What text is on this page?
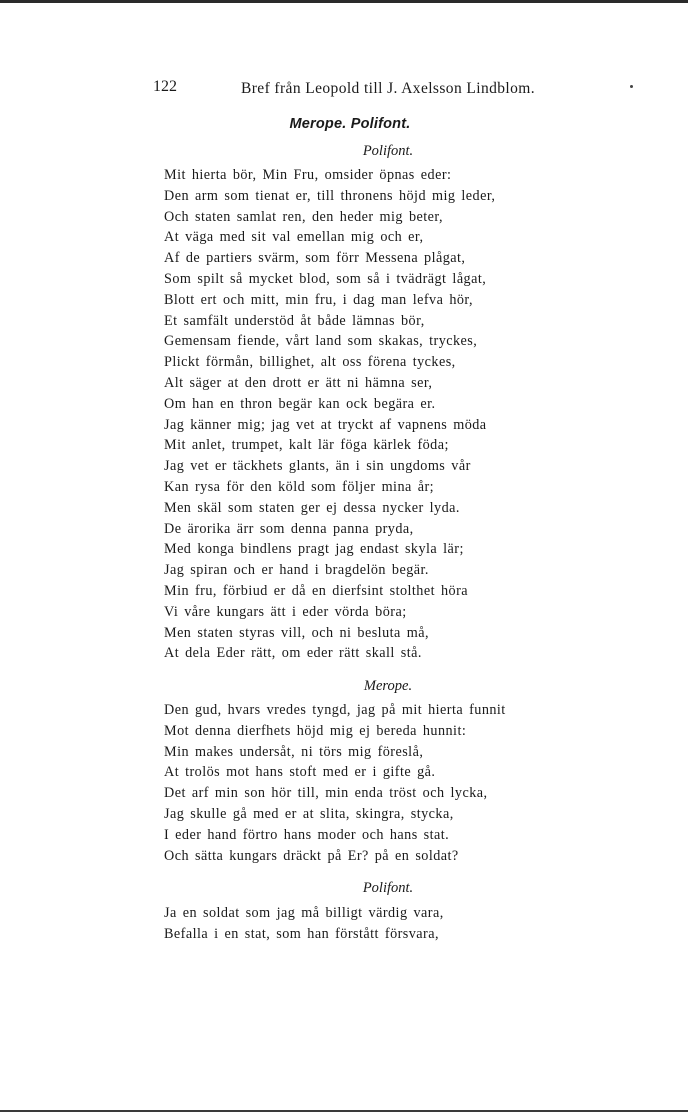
122	Bref från Leopold till J. Axelsson Lindblom.
Merope. Polifont.
Polifont.
Mit hierta bör, Min Fru, omsider öpnas eder:
Den arm som tienat er, till thronens höjd mig leder,
Och staten samlat ren, den heder mig beter,
At väga med sit val emellan mig och er,
Af de partiers svärm, som förr Messena plågat,
Som spilt så mycket blod, som så i tvädrägt lågat,
Blott ert och mitt, min fru, i dag man lefva hör,
Et samfält understöd åt både lämnas bör,
Gemensam fiende, vårt land som skakas, tryckes,
Plickt förmån, billighet, alt oss förena tyckes,
Alt säger at den drott er ätt ni hämna ser,
Om han en thron begär kan ock begära er.
Jag känner mig; jag vet at tryckt af vapnens möda
Mit anlet, trumpet, kalt lär föga kärlek föda;
Jag vet er täckhets glants, än i sin ungdoms vår
Kan rysa för den köld som följer mina år;
Men skäl som staten ger ej dessa nycker lyda.
De ärorika ärr som denna panna pryda,
Med konga bindlens pragt jag endast skyla lär;
Jag spiran och er hand i bragdelön begär.
Min fru, förbiud er då en dierfsint stolthet höra
Vi våre kungars ätt i eder vörda böra;
Men staten styras vill, och ni besluta må,
At dela Eder rätt, om eder rätt skall stå.
Merope.
Den gud, hvars vredes tyngd, jag på mit hierta funnit
Mot denna dierfhets höjd mig ej bereda hunnit:
Min makes undersåt, ni törs mig föreslå,
At trolös mot hans stoft med er i gifte gå.
Det arf min son hör till, min enda tröst och lycka,
Jag skulle gå med er at slita, skingra, stycka,
I eder hand förtro hans moder och hans stat.
Och sätta kungars dräckt på Er? på en soldat?
Polifont.
Ja en soldat som jag må billigt värdig vara,
Befalla i en stat, som han förstått försvara,
